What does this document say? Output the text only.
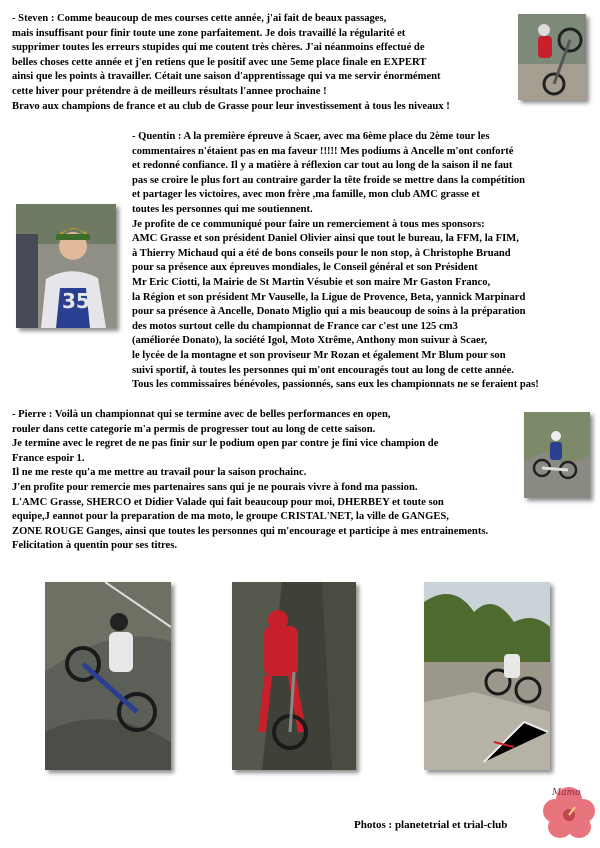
- Steven : Comme beaucoup de mes courses cette année, j'ai fait de beaux passages,
mais insuffisant pour finir toute une zone parfaitement. Je dois travaillé la régularité et
supprimer toutes les erreurs stupides qui me coutent très chères. J'ai néanmoins effectué de
belles choses cette année et j'en retiens que le positif avec une 5eme place finale en EXPERT
ainsi que les points à travailler. Cétait une saison d'apprentissage qui va me servir énormément
cette hiver pour prétendre à de meilleurs résultats l'annee prochaine !
Bravo aux champions de france et au club de Grasse pour leur investissement à tous les niveaux !
- Quentin : A la première épreuve à Scaer, avec ma 6ème place du 2ème tour les
commentaires n'étaient pas en ma faveur !!!!! Mes podiums à Ancelle m'ont conforté
et redonné confiance. Il y a matière à réflexion car tout au long de la saison il ne faut
pas se croire le plus fort au contraire garder la tête froide se mettre dans la compétition
et partager les victoires, avec mon frère ,ma famille, mon club AMC grasse et
toutes les personnes qui me soutiennent.
Je profite de ce communiqué pour faire un remerciement à tous mes sponsors:
AMC Grasse et son président Daniel Olivier ainsi que tout le bureau, la FFM, la FIM,
à Thierry Michaud qui a été de bons conseils pour le non stop, à Christophe Bruand
pour sa présence aux épreuves mondiales, le Conseil général et son Président
Mr Eric Ciotti, la Mairie de St Martin Vésubie et son maire Mr Gaston Franco,
la Région et son président Mr Vauselle, la Ligue de Provence, Beta, yannick Marpinard
pour sa présence à Ancelle, Donato Miglio qui a mis beaucoup de soins à la préparation
des motos surtout celle du championnat de France car c'est une 125 cm3
(améliorée Donato), la société Igol, Moto Xtrême, Anthony mon suivur à Scaer,
le lycée de la montagne et son proviseur Mr Rozan et également Mr Blum pour son
suivi sportif, à toutes les personnes qui m'ont encouragés tout au long de cette année.
Tous les commissaires bénévoles, passionnés, sans eux les championnats ne se feraient pas!
35
- Pierre : Voilà un championnat qui se termine avec de belles performances en open,
rouler dans cette categorie m'a permis de progresser tout au long de cette saison.
Je termine avec le regret de ne pas finir sur le podium open par contre je fini vice champion de
France espoir 1.
Il ne me reste qu'a me mettre au travail pour la saison prochainc.
J'en profite pour remercie mes partenaires sans qui je ne pourais vivre à fond ma passion.
L'AMC Grasse, SHERCO et Didier Valade qui fait beaucoup pour moi, DHERBEY et toute son
equipe,J eannot pour la preparation de ma moto, le groupe CRISTAL'NET, la ville de GANGES,
ZONE ROUGE Ganges, ainsi que toutes les personnes qui m'encourage et participe à mes entrainements.
Felicitation à quentin pour ses titres.
Photos : planetetrial et trial-club
Mamo
